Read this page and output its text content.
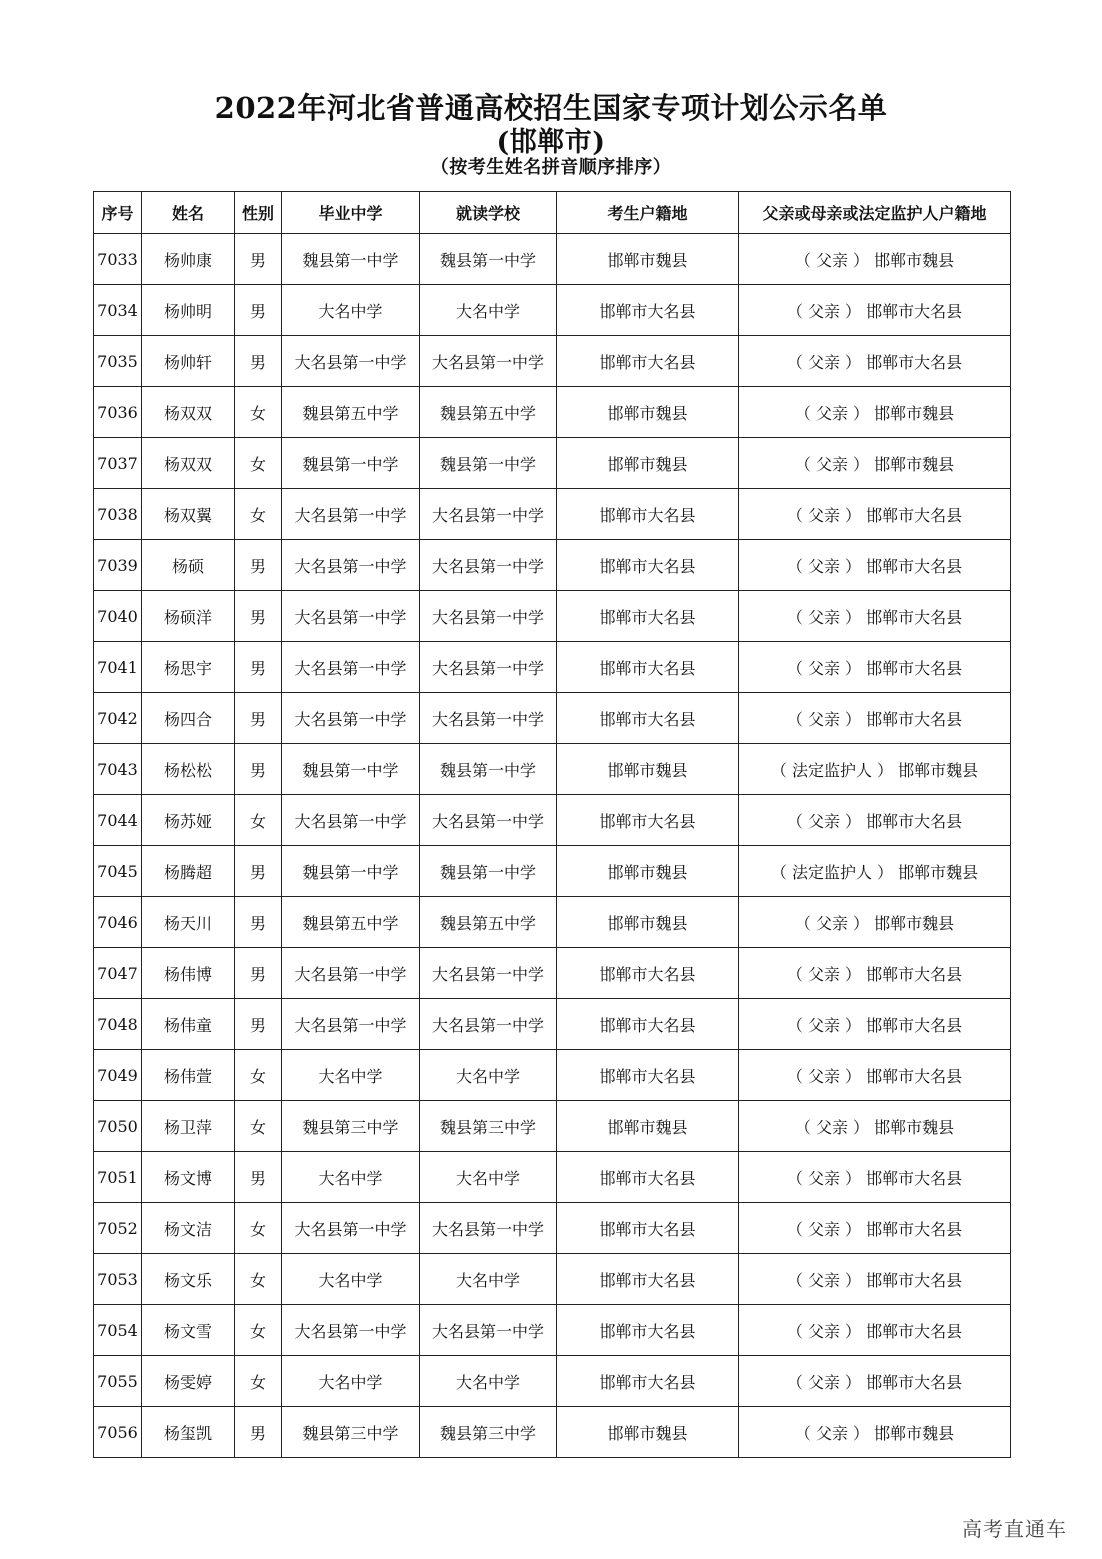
2022年河北省普通高校招生国家专项计划公示名单
(邯郸市)
（按考生姓名拼音顺序排序）
序号	姓名	性别	毕业中学	就读学校	考生户籍地	父亲或母亲或法定监护人户籍地
7033	杨帅康	男	魏县第一中学	魏县第一中学	邯郸市魏县	（ 父亲 ） 邯郸市魏县
7034	杨帅明	男	大名中学	大名中学	邯郸市大名县	（ 父亲 ） 邯郸市大名县
7035	杨帅轩	男	大名县第一中学	大名县第一中学	邯郸市大名县	（ 父亲 ） 邯郸市大名县
7036	杨双双	女	魏县第五中学	魏县第五中学	邯郸市魏县	（ 父亲 ） 邯郸市魏县
7037	杨双双	女	魏县第一中学	魏县第一中学	邯郸市魏县	（ 父亲 ） 邯郸市魏县
7038	杨双翼	女	大名县第一中学	大名县第一中学	邯郸市大名县	（ 父亲 ） 邯郸市大名县
7039	杨硕	男	大名县第一中学	大名县第一中学	邯郸市大名县	（ 父亲 ） 邯郸市大名县
7040	杨硕洋	男	大名县第一中学	大名县第一中学	邯郸市大名县	（ 父亲 ） 邯郸市大名县
7041	杨思宇	男	大名县第一中学	大名县第一中学	邯郸市大名县	（ 父亲 ） 邯郸市大名县
7042	杨四合	男	大名县第一中学	大名县第一中学	邯郸市大名县	（ 父亲 ） 邯郸市大名县
7043	杨松松	男	魏县第一中学	魏县第一中学	邯郸市魏县	（ 法定监护人 ） 邯郸市魏县
7044	杨苏娅	女	大名县第一中学	大名县第一中学	邯郸市大名县	（ 父亲 ） 邯郸市大名县
7045	杨腾超	男	魏县第一中学	魏县第一中学	邯郸市魏县	（ 法定监护人 ） 邯郸市魏县
7046	杨天川	男	魏县第五中学	魏县第五中学	邯郸市魏县	（ 父亲 ） 邯郸市魏县
7047	杨伟博	男	大名县第一中学	大名县第一中学	邯郸市大名县	（ 父亲 ） 邯郸市大名县
7048	杨伟童	男	大名县第一中学	大名县第一中学	邯郸市大名县	（ 父亲 ） 邯郸市大名县
7049	杨伟萱	女	大名中学	大名中学	邯郸市大名县	（ 父亲 ） 邯郸市大名县
7050	杨卫萍	女	魏县第三中学	魏县第三中学	邯郸市魏县	（ 父亲 ） 邯郸市魏县
7051	杨文博	男	大名中学	大名中学	邯郸市大名县	（ 父亲 ） 邯郸市大名县
7052	杨文洁	女	大名县第一中学	大名县第一中学	邯郸市大名县	（ 父亲 ） 邯郸市大名县
7053	杨文乐	女	大名中学	大名中学	邯郸市大名县	（ 父亲 ） 邯郸市大名县
7054	杨文雪	女	大名县第一中学	大名县第一中学	邯郸市大名县	（ 父亲 ） 邯郸市大名县
7055	杨雯婷	女	大名中学	大名中学	邯郸市大名县	（ 父亲 ） 邯郸市大名县
7056	杨玺凯	男	魏县第三中学	魏县第三中学	邯郸市魏县	（ 父亲 ） 邯郸市魏县
高考直通车
